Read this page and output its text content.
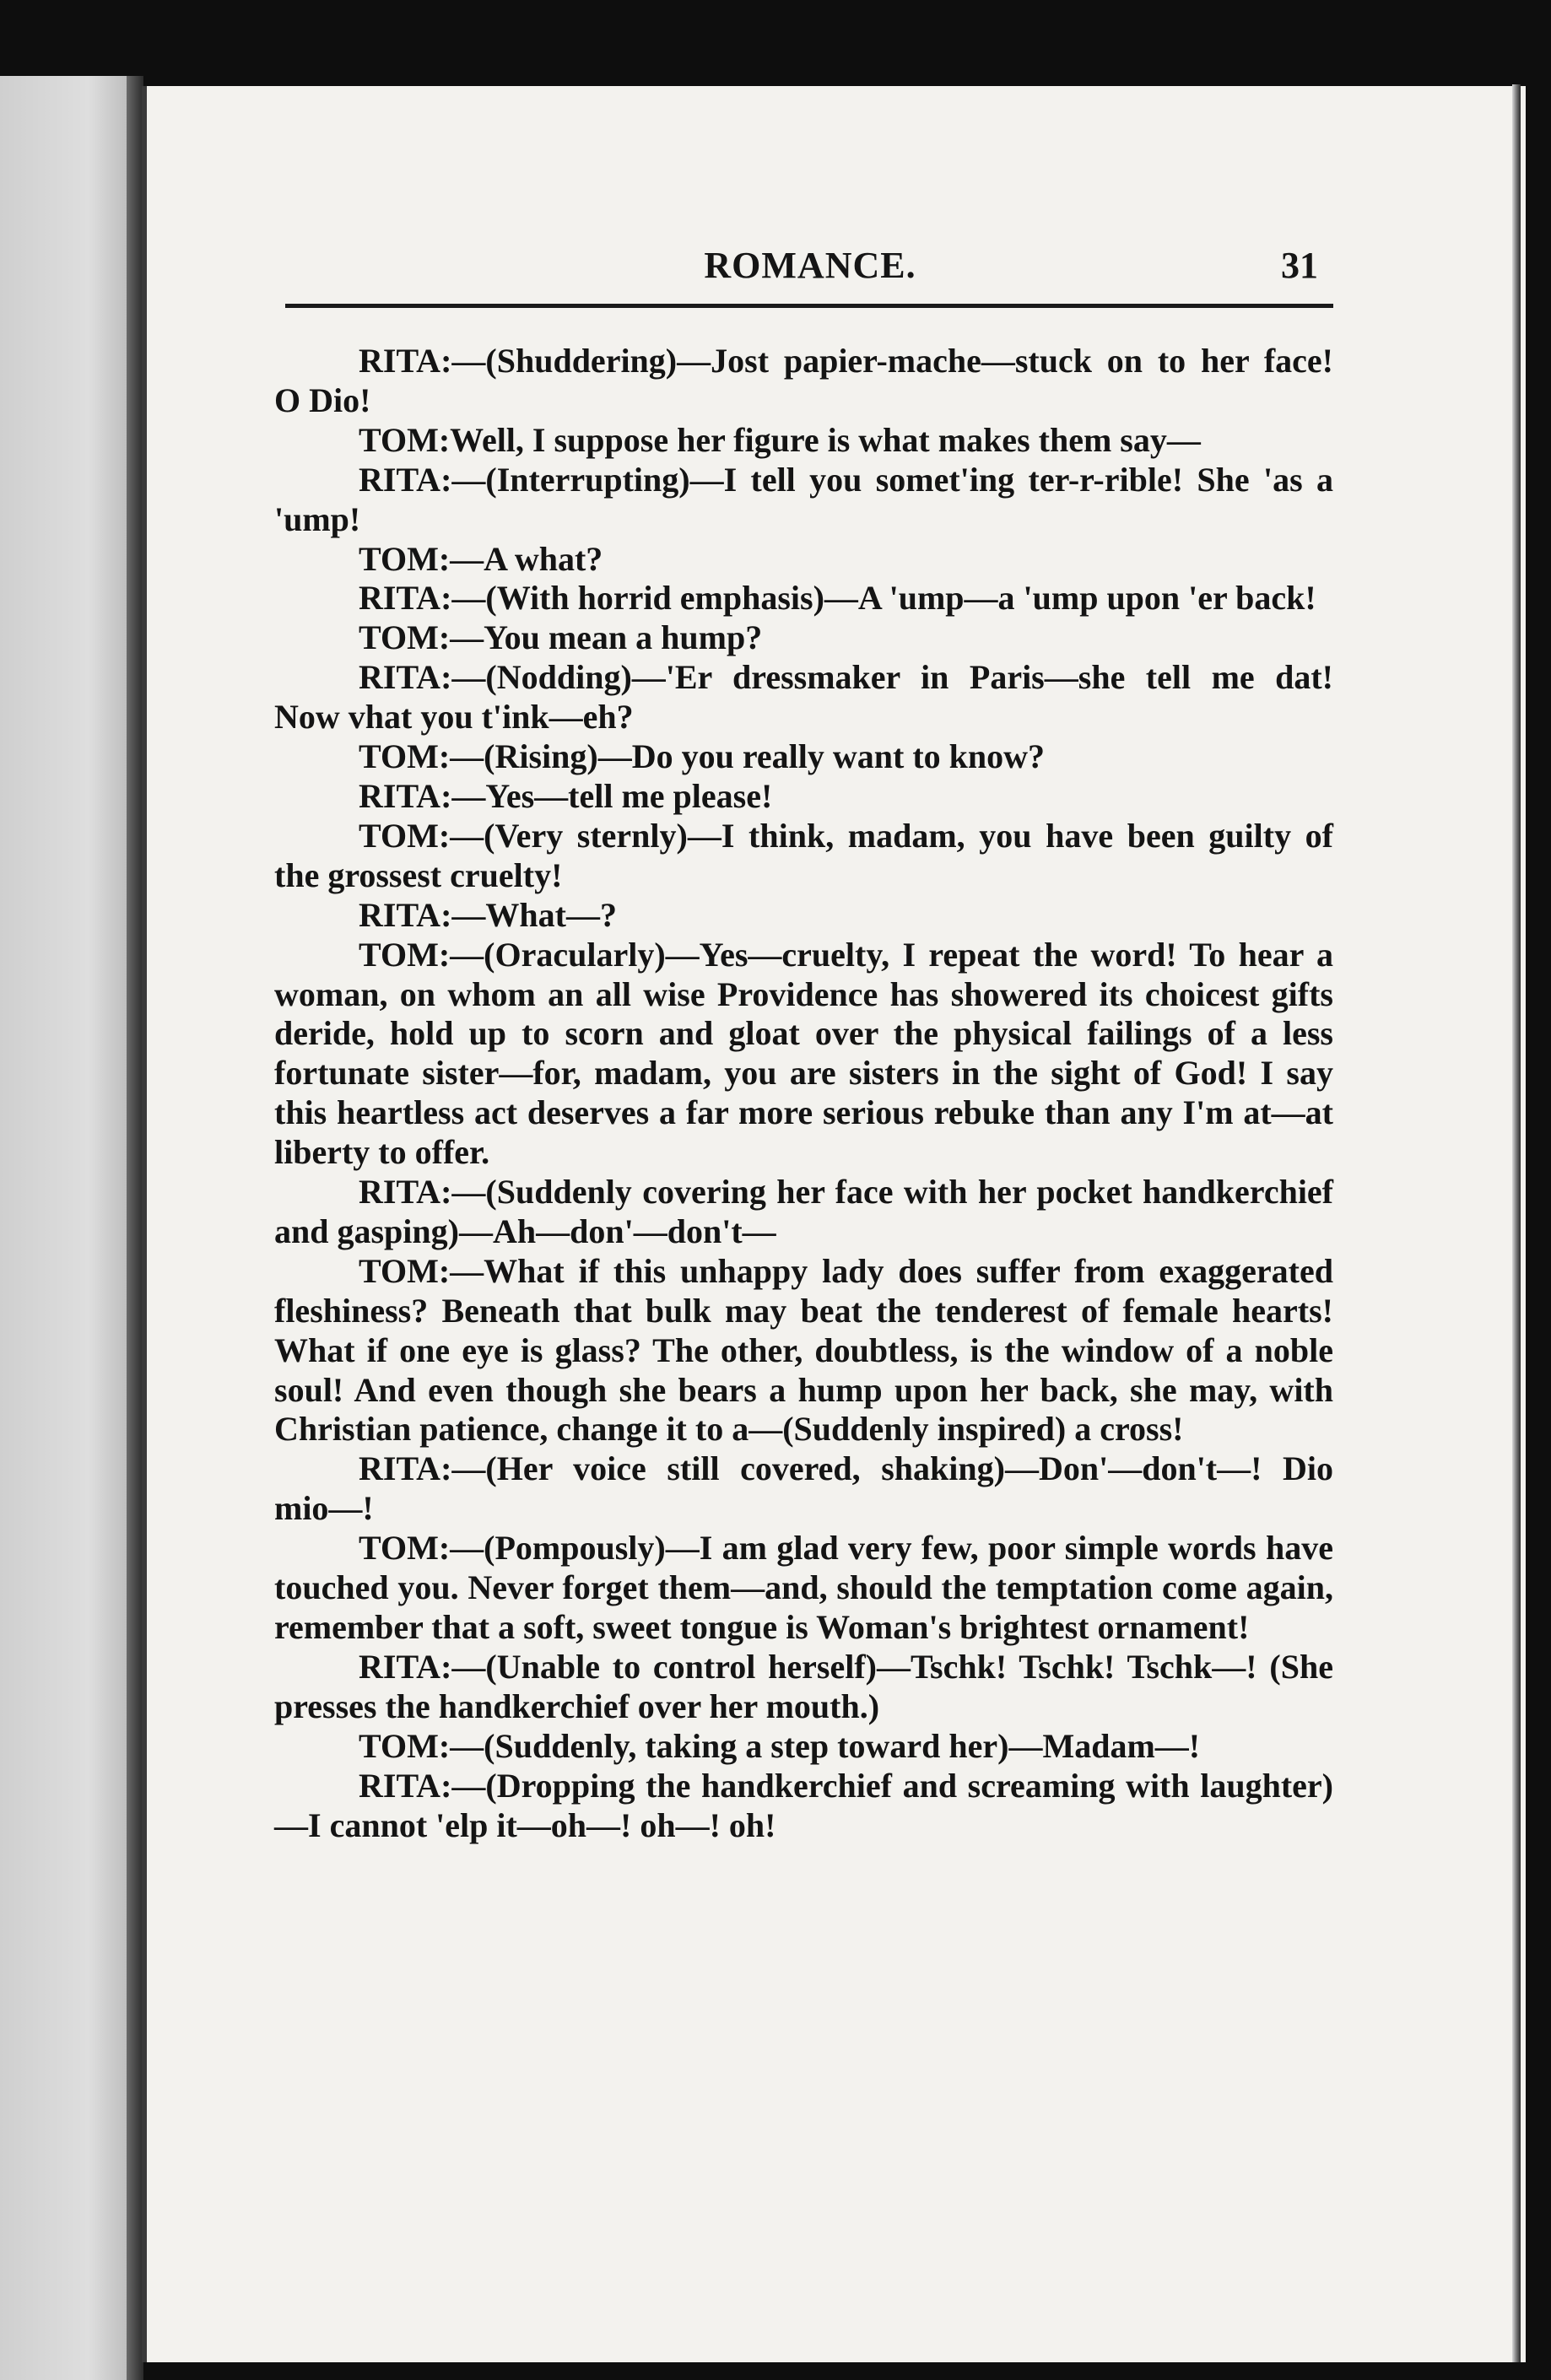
ROMANCE.	31

RITA:—(Shuddering)—Jost papier-mache—stuck on to her face! O Dio!

TOM:Well, I suppose her figure is what makes them say—

RITA:—(Interrupting)—I tell you somet'ing ter-r-rible! She 'as a 'ump!

TOM:—A what?

RITA:—(With horrid emphasis)—A 'ump—a 'ump upon 'er back!

TOM:—You mean a hump?

RITA:—(Nodding)—'Er dressmaker in Paris—she tell me dat! Now vhat you t'ink—eh?

TOM:—(Rising)—Do you really want to know?

RITA:—Yes—tell me please!

TOM:—(Very sternly)—I think, madam, you have been guilty of the grossest cruelty!

RITA:—What—?

TOM:—(Oracularly)—Yes—cruelty, I repeat the word! To hear a woman, on whom an all wise Providence has showered its choicest gifts deride, hold up to scorn and gloat over the physical failings of a less fortunate sister—for, madam, you are sisters in the sight of God! I say this heartless act deserves a far more serious rebuke than any I'm at—at liberty to offer.

RITA:—(Suddenly covering her face with her pocket handkerchief and gasping)—Ah—don'—don't—

TOM:—What if this unhappy lady does suffer from exaggerated fleshiness? Beneath that bulk may beat the tenderest of female hearts! What if one eye is glass? The other, doubtless, is the window of a noble soul! And even though she bears a hump upon her back, she may, with Christian patience, change it to a—(Suddenly inspired) a cross!

RITA:—(Her voice still covered, shaking)—Don'—don't—! Dio mio—!

TOM:—(Pompously)—I am glad very few, poor simple words have touched you. Never forget them—and, should the temptation come again, remember that a soft, sweet tongue is Woman's brightest ornament!

RITA:—(Unable to control herself)—Tschk! Tschk! Tschk—! (She presses the handkerchief over her mouth.)

TOM:—(Suddenly, taking a step toward her)—Madam—!

RITA:—(Dropping the handkerchief and screaming with laughter)—I cannot 'elp it—oh—! oh—! oh!
